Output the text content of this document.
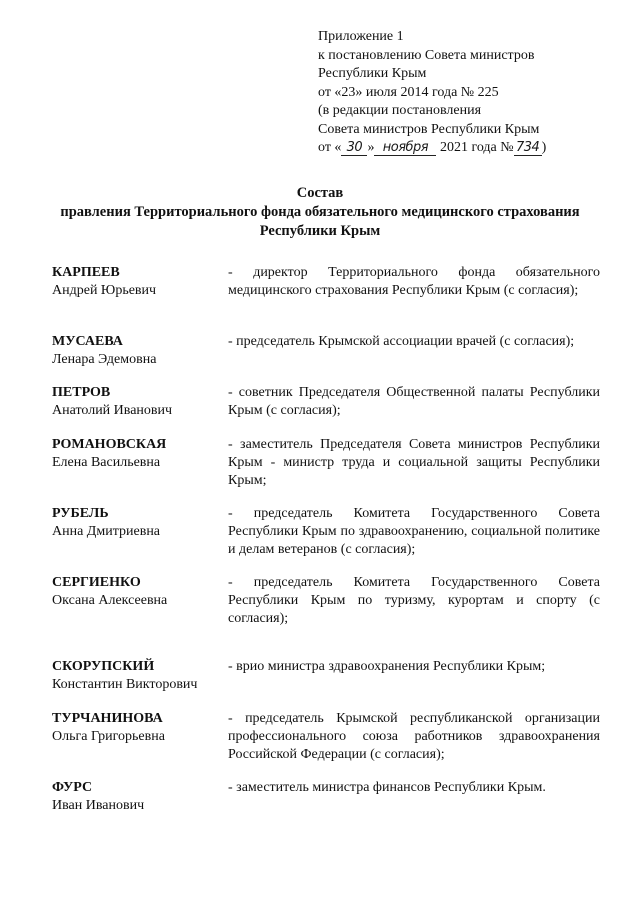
Приложение 1
к постановлению Совета министров
Республики Крым
от «23» июля 2014 года № 225
(в редакции постановления
Совета министров Республики Крым
от « 30 » ноября 2021 года № 734 )
Состав
правления Территориального фонда обязательного медицинского страхования
Республики Крым
КАРПЕЕВ
Андрей Юрьевич
- директор Территориального фонда обязательного медицинского страхования Республики Крым (с согласия);
МУСАЕВА
Ленара Эдемовна
- председатель Крымской ассоциации врачей (с согласия);
ПЕТРОВ
Анатолий Иванович
- советник Председателя Общественной палаты Республики Крым (с согласия);
РОМАНОВСКАЯ
Елена Васильевна
- заместитель Председателя Совета министров Республики Крым - министр труда и социальной защиты Республики Крым;
РУБЕЛЬ
Анна Дмитриевна
- председатель Комитета Государственного Совета Республики Крым по здравоохранению, социальной политике и делам ветеранов (с согласия);
СЕРГИЕНКО
Оксана Алексеевна
- председатель Комитета Государственного Совета Республики Крым по туризму, курортам и спорту (с согласия);
СКОРУПСКИЙ
Константин Викторович
- врио министра здравоохранения Республики Крым;
ТУРЧАНИНОВА
Ольга Григорьевна
- председатель Крымской республиканской организации профессионального союза работников здравоохранения Российской Федерации (с согласия);
ФУРС
Иван Иванович
- заместитель министра финансов Республики Крым.
